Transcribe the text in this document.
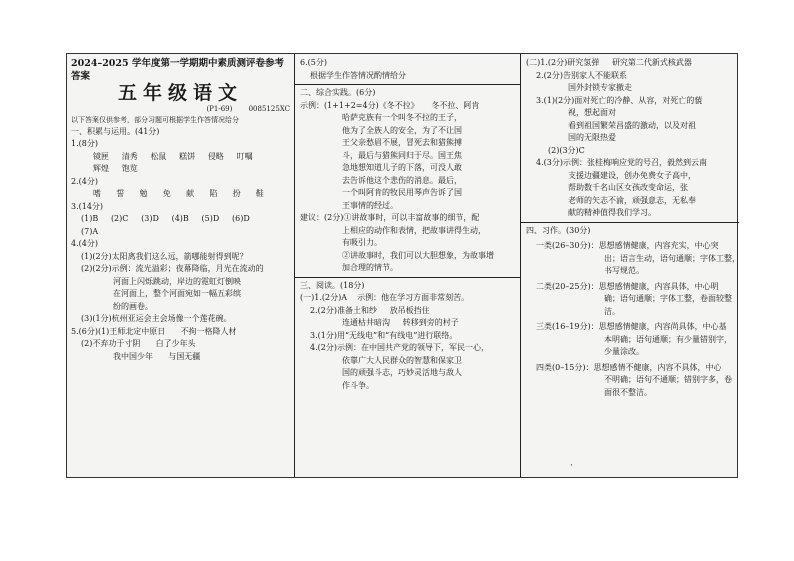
2024–2025 学年度第一学期期中素质测评卷参考答案
五年级语文
(P1-69) 0085125XC
以下答案仅供参考，部分习题可根据学生作答情况给分
一、积累与运用。(41分)
1.(8分)
镜匣 清秀 松鼠 糕饼 侵略 叮嘱
辉煌 饱览
2.(4分)
嗜 誓 勉 免 献 陷 扮 鞋
3.(14分)
(1)B (2)C (3)D (4)B (5)D (6)D
(7)A
4.(4分)
(1)(2分)太阳离我们这么远，箭哪能射得到呢？
(2)(2分)示例：流光溢彩；夜幕降临，月光在流动的
河面上闪烁跳动，岸边的霓虹灯倒映
在河面上，整个河面宛如一幅五彩缤
纷的画卷。
(3)(1分)杭州亚运会主会场像一个莲花碗。
5.(6分)(1)王师北定中原日 不拘一格降人材
(2)不弃功于寸阴 白了少年头
我中国少年 与国无疆
6.(5分)
根据学生作答情况酌情给分
二、综合实践。(6分)
示例：(1+1+2=4分)《冬不拉》 冬不拉、阿肯
哈萨克族有一个叫冬不拉的王子，
他为了全族人的安全，为了不让国
王父亲愁眉不展，冒死去和猎熊搏
斗，最后与猎熊同归于尽。国王焦
急地想知道儿子的下落，可没人敢
去告诉他这个悲伤的消息。最后，
一个叫阿肯的牧民用琴声告诉了国
王事情的经过。
建议：(2分)①讲故事时，可以丰富故事的细节，配
上相应的动作和表情，把故事讲得生动，
有吸引力。
②讲故事时，我们可以大胆想象，为故事增
加合理的情节。
三、阅读。(18分)
(一)1.(2分)A 示例：他在学习方面非常刻苦。
2.(2分)准备土和纱 放吊板挡住
连通枯井暗沟 转移到旁的村子
3.(1分)用“无线电”和“有线电”进行联络。
4.(2分)示例：在中国共产党的领导下，军民一心，
依靠广大人民群众的智慧和保家卫
国的顽强斗志，巧妙灵活地与敌人
作斗争。
(二)1.(2分)研究氢弹 研究第二代新式核武器
2.(2分)告别家人不能联系
国外封锁专家撤走
3.(1)(2分)面对死亡的冷静、从容，对死亡的藐
视，想起面对
看到祖国繁荣昌盛的激动，以及对祖
国的无限热爱
(2)(3分)C
4.(3分)示例：张桂梅响应党的号召，毅然到云南
支援边疆建设，创办免费女子高中，
帮助数千名山区女孩改变命运，张
老师的矢志不渝，顽强意志，无私奉
献的精神值得我们学习。
四、习作。(30分)
一类(26–30分)：思想感情健康，内容充实，中心突
出；语言生动，语句通顺；字体工整，
书写规范。
二类(20–25分)：思想感情健康，内容具体，中心明
确；语句通顺；字体工整，卷面较整
洁。
三类(16–19分)：思想感情健康，内容尚具体，中心基
本明确；语句通顺；有少量错别字，
少量涂改。
四类(0–15分)：思想感情不健康，内容不具体，中心
不明确；语句不通顺；错别字多，卷
面很不整洁。
·
